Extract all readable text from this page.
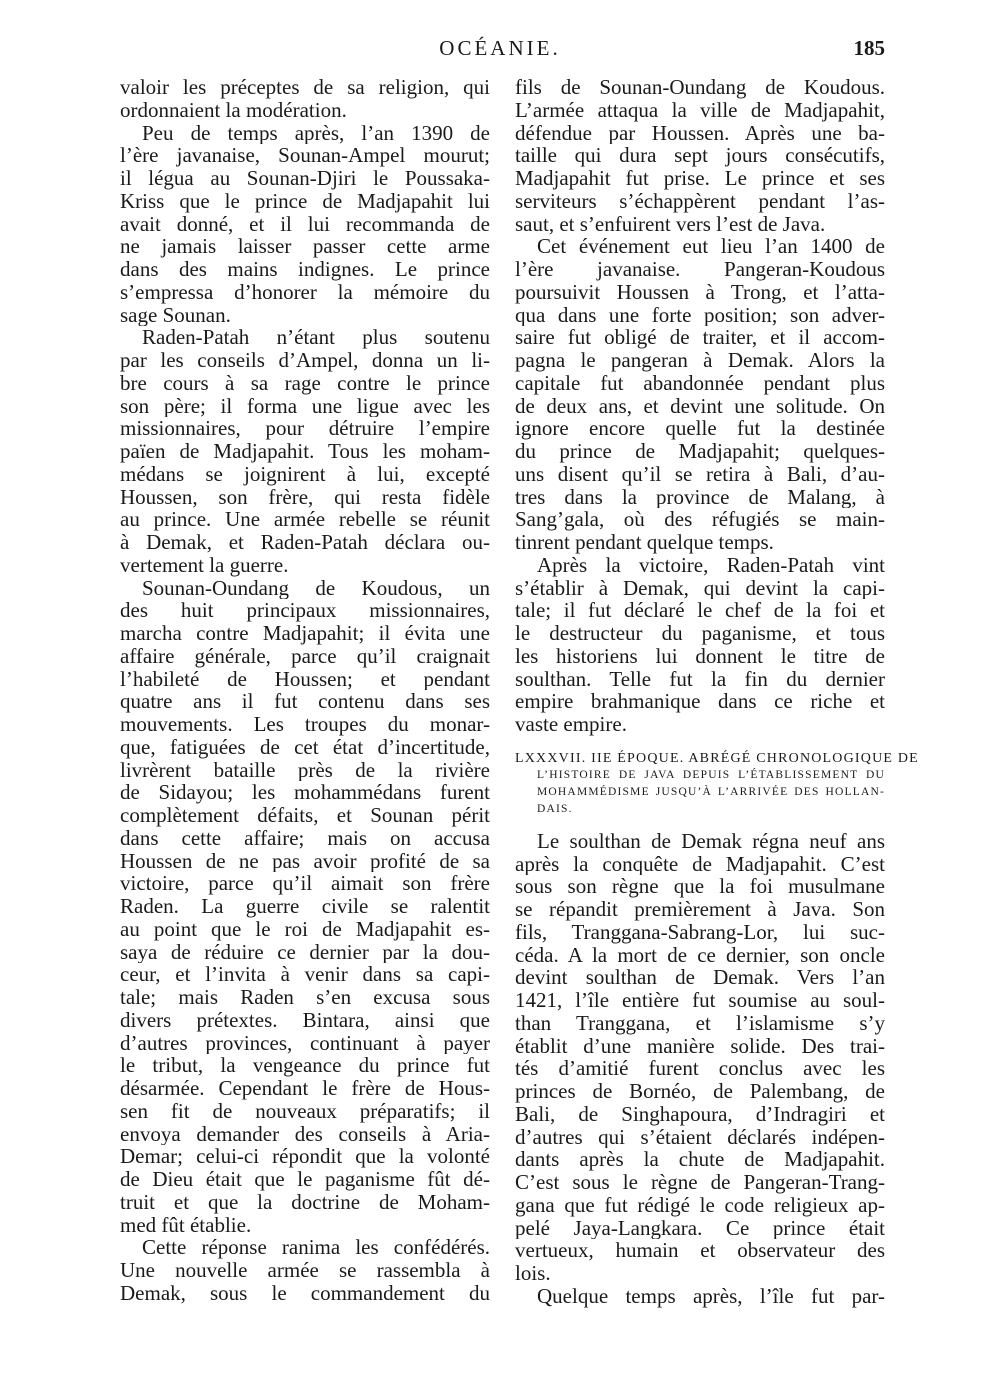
OCÉANIE.	185
valoir les préceptes de sa religion, qui
ordonnaient la modération.
Peu de temps après, l’an 1390 de
l’ère javanaise, Sounan-Ampel mourut;
il légua au Sounan-Djiri le Poussaka-
Kriss que le prince de Madjapahit lui
avait donné, et il lui recommanda de
ne jamais laisser passer cette arme
dans des mains indignes. Le prince
s’empressa d’honorer la mémoire du
sage Sounan.
Raden-Patah n’étant plus soutenu
par les conseils d’Ampel, donna un li-
bre cours à sa rage contre le prince
son père; il forma une ligue avec les
missionnaires, pour détruire l’empire
païen de Madjapahit. Tous les moham-
médans se joignirent à lui, excepté
Houssen, son frère, qui resta fidèle
au prince. Une armée rebelle se réunit
à Demak, et Raden-Patah déclara ou-
vertement la guerre.
Sounan-Oundang de Koudous, un
des huit principaux missionnaires,
marcha contre Madjapahit; il évita une
affaire générale, parce qu’il craignait
l’habileté de Houssen; et pendant
quatre ans il fut contenu dans ses
mouvements. Les troupes du monar-
que, fatiguées de cet état d’incertitude,
livrèrent bataille près de la rivière
de Sidayou; les mohammédans furent
complètement défaits, et Sounan périt
dans cette affaire; mais on accusa
Houssen de ne pas avoir profité de sa
victoire, parce qu’il aimait son frère
Raden. La guerre civile se ralentit
au point que le roi de Madjapahit es-
saya de réduire ce dernier par la dou-
ceur, et l’invita à venir dans sa capi-
tale; mais Raden s’en excusa sous
divers prétextes. Bintara, ainsi que
d’autres provinces, continuant à payer
le tribut, la vengeance du prince fut
désarmée. Cependant le frère de Hous-
sen fit de nouveaux préparatifs; il
envoya demander des conseils à Aria-
Demar; celui-ci répondit que la volonté
de Dieu était que le paganisme fût dé-
truit et que la doctrine de Moham-
med fût établie.
Cette réponse ranima les confédérés.
Une nouvelle armée se rassembla à
Demak, sous le commandement du
fils de Sounan-Oundang de Koudous.
L’armée attaqua la ville de Madjapahit,
défendue par Houssen. Après une ba-
taille qui dura sept jours consécutifs,
Madjapahit fut prise. Le prince et ses
serviteurs s’échappèrent pendant l’as-
saut, et s’enfuirent vers l’est de Java.
Cet événement eut lieu l’an 1400 de
l’ère javanaise. Pangeran-Koudous
poursuivit Houssen à Trong, et l’atta-
qua dans une forte position; son adver-
saire fut obligé de traiter, et il accom-
pagna le pangeran à Demak. Alors la
capitale fut abandonnée pendant plus
de deux ans, et devint une solitude. On
ignore encore quelle fut la destinée
du prince de Madjapahit; quelques-
uns disent qu’il se retira à Bali, d’au-
tres dans la province de Malang, à
Sang’gala, où des réfugiés se main-
tinrent pendant quelque temps.
Après la victoire, Raden-Patah vint
s’établir à Demak, qui devint la capi-
tale; il fut déclaré le chef de la foi et
le destructeur du paganisme, et tous
les historiens lui donnent le titre de
soulthan. Telle fut la fin du dernier
empire brahmanique dans ce riche et
vaste empire.
LXXXVII. IIE ÉPOQUE. ABRÉGÉ CHRONOLOGIQUE DE
L’HISTOIRE DE JAVA DEPUIS L’ÉTABLISSEMENT DU
MOHAMMÉDISME JUSQU’À L’ARRIVÉE DES HOLLAN-
DAIS.
Le soulthan de Demak régna neuf ans
après la conquête de Madjapahit. C’est
sous son règne que la foi musulmane
se répandit premièrement à Java. Son
fils, Tranggana-Sabrang-Lor, lui suc-
céda. A la mort de ce dernier, son oncle
devint soulthan de Demak. Vers l’an
1421, l’île entière fut soumise au soul-
than Tranggana, et l’islamisme s’y
établit d’une manière solide. Des trai-
tés d’amitié furent conclus avec les
princes de Bornéo, de Palembang, de
Bali, de Singhapoura, d’Indragiri et
d’autres qui s’étaient déclarés indépen-
dants après la chute de Madjapahit.
C’est sous le règne de Pangeran-Trang-
gana que fut rédigé le code religieux ap-
pelé Jaya-Langkara. Ce prince était
vertueux, humain et observateur des
lois.
Quelque temps après, l’île fut par-
